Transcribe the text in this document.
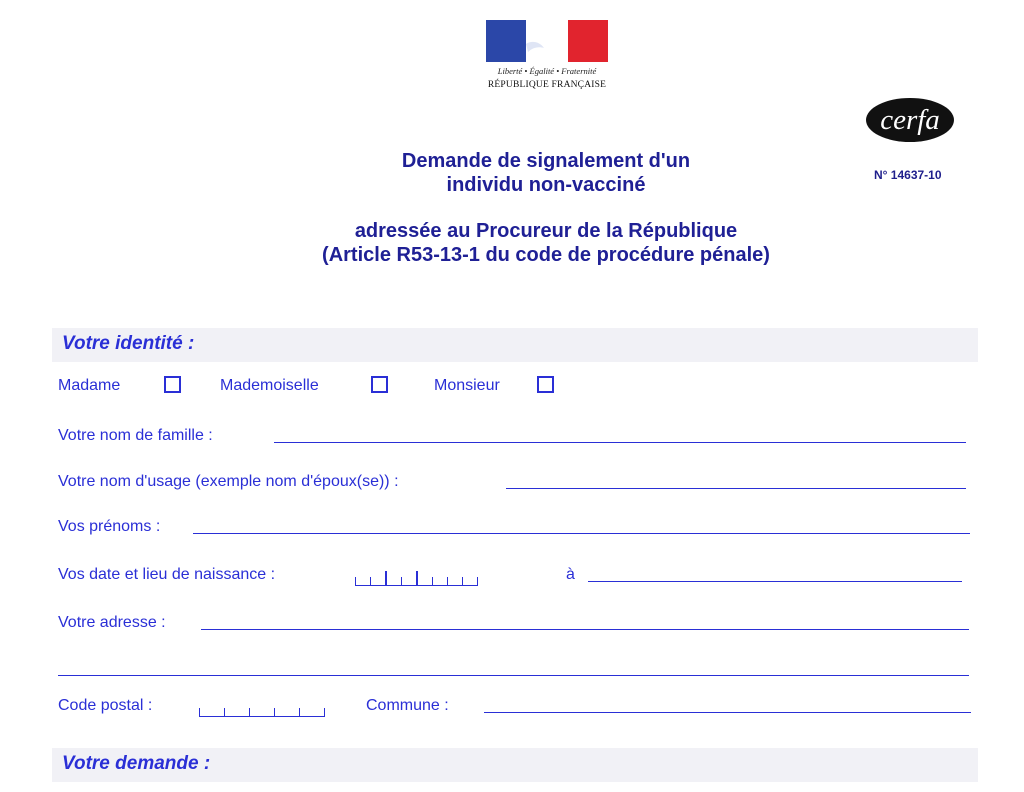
Liberté • Égalité • Fraternité
RÉPUBLIQUE FRANÇAISE
cerfa
N° 14637-10
Demande de signalement d'un
individu non-vacciné
adressée au Procureur de la République
(Article R53-13-1 du code de procédure pénale)
Votre identité :
Madame	Mademoiselle	Monsieur
Votre nom de famille :
Votre nom d'usage (exemple nom d'époux(se)) :
Vos prénoms :
Vos date et lieu de naissance :	à
Votre adresse :
Code postal :	Commune :
Votre demande :
